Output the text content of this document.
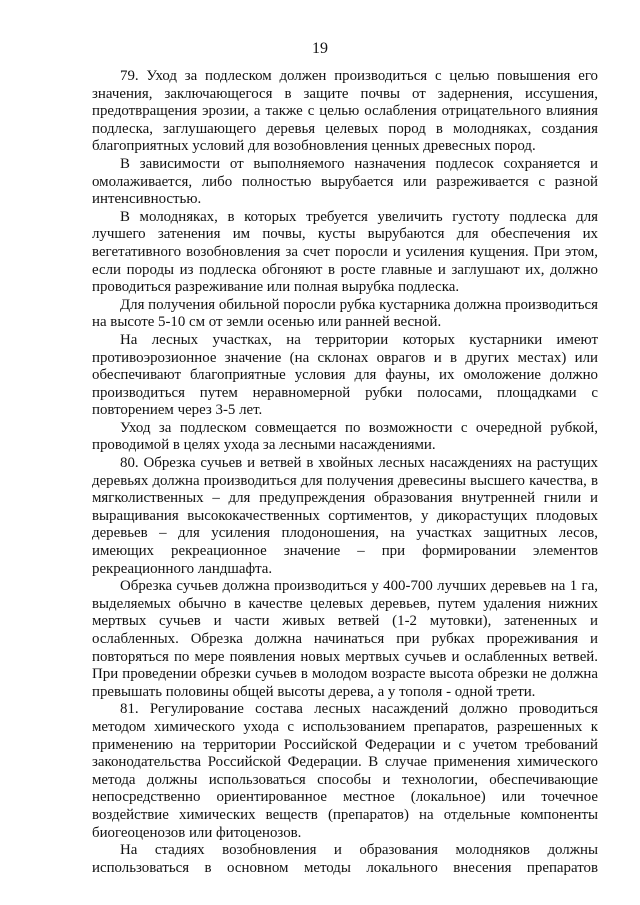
19

79. Уход за подлеском должен производиться с целью повышения его значения, заключающегося в защите почвы от задернения, иссушения, предотвращения эрозии, а также с целью ослабления отрицательного влияния подлеска, заглушающего деревья целевых пород в молодняках, создания благоприятных условий для возобновления ценных древесных пород.

В зависимости от выполняемого назначения подлесок сохраняется и омолаживается, либо полностью вырубается или разреживается с разной интенсивностью.

В молодняках, в которых требуется увеличить густоту подлеска для лучшего затенения им почвы, кусты вырубаются для обеспечения их вегетативного возобновления за счет поросли и усиления кущения. При этом, если породы из подлеска обгоняют в росте главные и заглушают их, должно проводиться разреживание или полная вырубка подлеска.

Для получения обильной поросли рубка кустарника должна производиться на высоте 5-10 см от земли осенью или ранней весной.

На лесных участках, на территории которых кустарники имеют противоэрозионное значение (на склонах оврагов и в других местах) или обеспечивают благоприятные условия для фауны, их омоложение должно производиться путем неравномерной рубки полосами, площадками с повторением через 3-5 лет.

Уход за подлеском совмещается по возможности с очередной рубкой, проводимой в целях ухода за лесными насаждениями.

80. Обрезка сучьев и ветвей в хвойных лесных насаждениях на растущих деревьях должна производиться для получения древесины высшего качества, в мягколиственных – для предупреждения образования внутренней гнили и выращивания высококачественных сортиментов, у дикорастущих плодовых деревьев – для усиления плодоношения, на участках защитных лесов, имеющих рекреационное значение – при формировании элементов рекреационного ландшафта.

Обрезка сучьев должна производиться у 400-700 лучших деревьев на 1 га, выделяемых обычно в качестве целевых деревьев, путем удаления нижних мертвых сучьев и части живых ветвей (1-2 мутовки), затененных и ослабленных. Обрезка должна начинаться при рубках прореживания и повторяться по мере появления новых мертвых сучьев и ослабленных ветвей. При проведении обрезки сучьев в молодом возрасте высота обрезки не должна превышать половины общей высоты дерева, а у тополя - одной трети.

81. Регулирование состава лесных насаждений должно проводиться методом химического ухода с использованием препаратов, разрешенных к применению на территории Российской Федерации и с учетом требований законодательства Российской Федерации. В случае применения химического метода должны использоваться способы и технологии, обеспечивающие непосредственно ориентированное местное (локальное) или точечное воздействие химических веществ (препаратов) на отдельные компоненты биогеоценозов или фитоценозов.

На стадиях возобновления и образования молодняков должны использоваться в основном методы локального внесения препаратов
